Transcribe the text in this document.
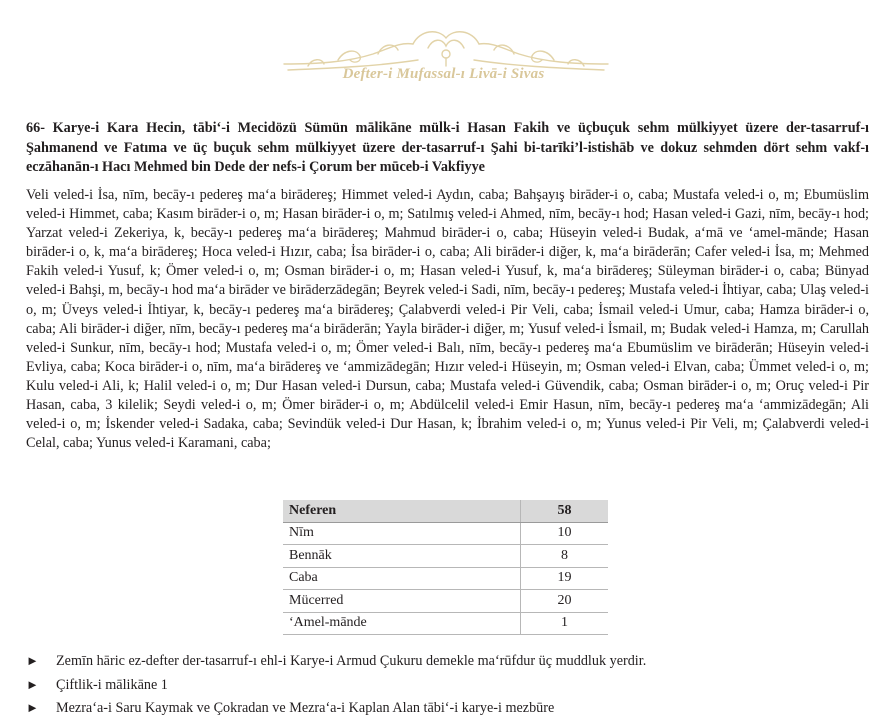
Defter-i Mufassal-ı Livā-i Sivas
66- Karye-i Kara Hecin, tābi‘-i Mecidözü Sümün mālikāne mülk-i Hasan Fakih ve üçbuçuk sehm mülkiyyet üzere der-tasarruf-ı Şahmanend ve Fatıma ve üç buçuk sehm mülkiyyet üzere der-tasarruf-ı Şahi bi-tarīki’l-istishāb ve dokuz sehmden dört sehm vakf-ı eczāhanān-ı Hacı Mehmed bin Dede der nefs-i Çorum ber mūceb-i Vakfiyye
Veli veled-i İsa, nīm, becāy-ı pedereş ma‘a birādereş; Himmet veled-i Aydın, caba; Bahşayış birāder-i o, caba; Mustafa veled-i o, m; Ebumüslim veled-i Himmet, caba; Kasım birāder-i o, m; Hasan birāder-i o, m; Satılmış veled-i Ahmed, nīm, becāy-ı hod; Hasan veled-i Gazi, nīm, becāy-ı hod; Yarzat veled-i Zekeriya, k, becāy-ı pedereş ma‘a birādereş; Mahmud birāder-i o, caba; Hüseyin veled-i Budak, a‘mā ve ‘amel-mānde; Hasan birāder-i o, k, ma‘a birādereş; Hoca veled-i Hızır, caba; İsa birāder-i o, caba; Ali birāder-i diğer, k, ma‘a birāderān; Cafer veled-i İsa, m; Mehmed Fakih veled-i Yusuf, k; Ömer veled-i o, m; Osman birāder-i o, m; Hasan veled-i Yusuf, k, ma‘a birādereş; Süleyman birāder-i o, caba; Bünyad veled-i Bahşi, m, becāy-ı hod ma‘a birāder ve birāderzādegān; Beyrek veled-i Sadi, nīm, becāy-ı pedereş; Mustafa veled-i İhtiyar, caba; Ulaş veled-i o, m; Üveys veled-i İhtiyar, k, becāy-ı pedereş ma‘a birādereş; Çalabverdi veled-i Pir Veli, caba; İsmail veled-i Umur, caba; Hamza birāder-i o, caba; Ali birāder-i diğer, nīm, becāy-ı pedereş ma‘a birāderān; Yayla birāder-i diğer, m; Yusuf veled-i İsmail, m; Budak veled-i Hamza, m; Carullah veled-i Sunkur, nīm, becāy-ı hod; Mustafa veled-i o, m; Ömer veled-i Balı, nīm, becāy-ı pedereş ma‘a Ebumüslim ve birāderān; Hüseyin veled-i Evliya, caba; Koca birāder-i o, nīm, ma‘a birādereş ve ‘ammizādegān; Hızır veled-i Hüseyin, m; Osman veled-i Elvan, caba; Ümmet veled-i o, m; Kulu veled-i Ali, k; Halil veled-i o, m; Dur Hasan veled-i Dursun, caba; Mustafa veled-i Güvendik, caba; Osman birāder-i o, m; Oruç veled-i Pir Hasan, caba, 3 kilelik; Seydi veled-i o, m; Ömer birāder-i o, m; Abdülcelil veled-i Emir Hasun, nīm, becāy-ı pedereş ma‘a ‘ammizādegān; Ali veled-i o, m; İskender veled-i Sadaka, caba; Sevindük veled-i Dur Hasan, k; İbrahim veled-i o, m; Yunus veled-i Pir Veli, m; Çalabverdi veled-i Celal, caba; Yunus veled-i Karamani, caba;
Neferen	58
Nīm	10
Bennāk	8
Caba	19
Mücerred	20
‘Amel-mānde	1
► Zemīn hāric ez-defter der-tasarruf-ı ehl-i Karye-i Armud Çukuru demekle ma‘rūfdur üç muddluk yerdir.
► Çiftlik-i mālikāne 1
► Mezra‘a-i Saru Kaymak ve Çokradan ve Mezra‘a-i Kaplan Alan tābi‘-i karye-i mezbūre
